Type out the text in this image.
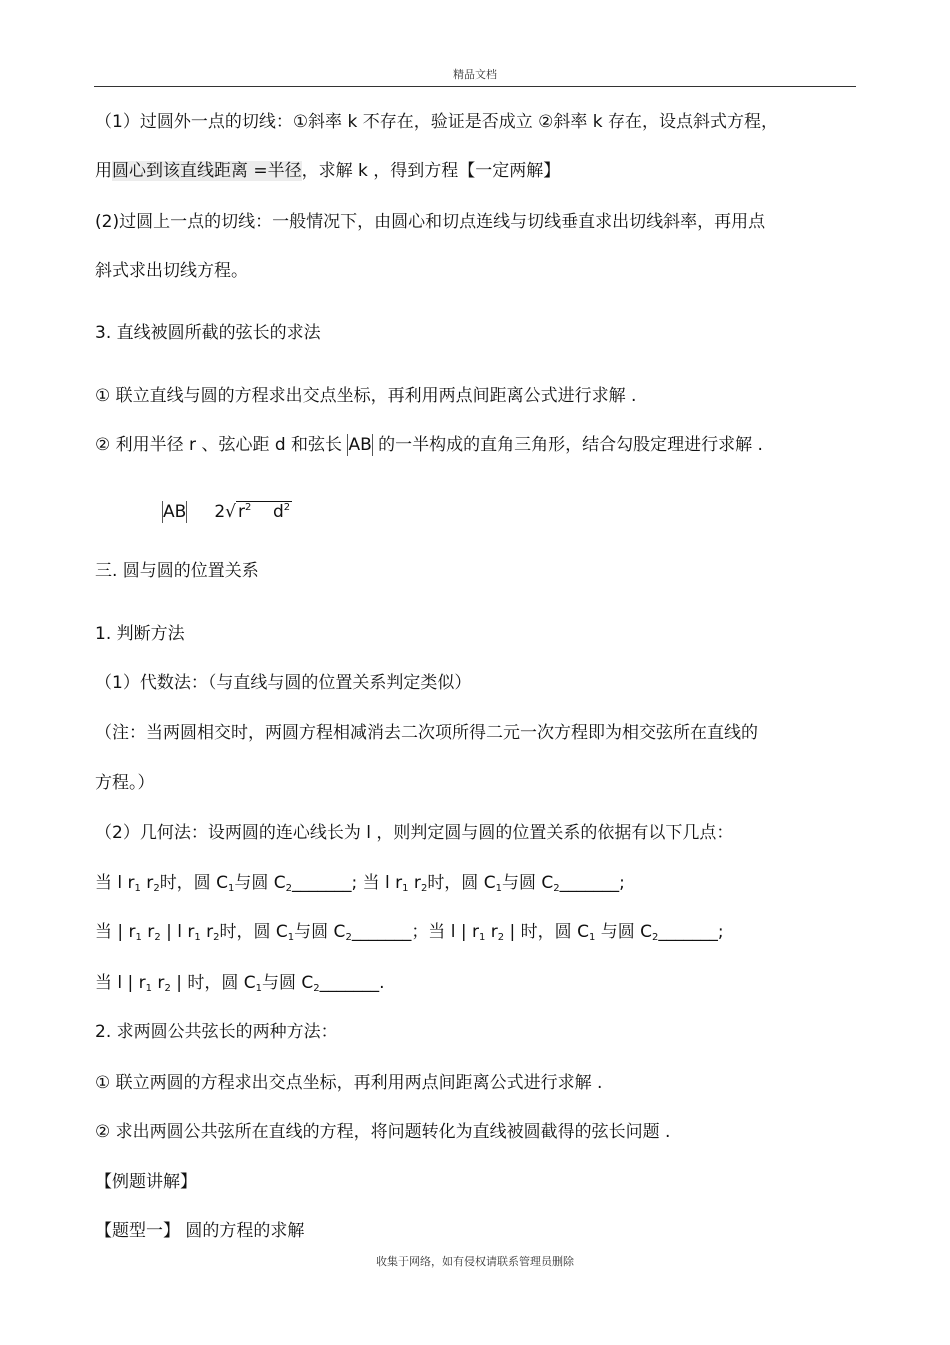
精品文档
（1）过圆外一点的切线：①斜率 k 不存在，验证是否成立 ②斜率 k 存在，设点斜式方程，
用圆心到该直线距离 =半径，求解 k ，得到方程【一定两解】
(2)过圆上一点的切线：一般情况下，由圆心和切点连线与切线垂直求出切线斜率，再用点
斜式求出切线方程。
3. 直线被圆所截的弦长的求法
① 联立直线与圆的方程求出交点坐标，再利用两点间距离公式进行求解 .
② 利用半径 r 、弦心距 d 和弦长 AB 的一半构成的直角三角形，结合勾股定理进行求解 .
AB 2√ $r^2$ $d^2$
三. 圆与圆的位置关系
1. 判断方法
（1）代数法：（与直线与圆的位置关系判定类似）
（注：当两圆相交时，两圆方程相减消去二次项所得二元一次方程即为相交弦所在直线的
方程。）
（2）几何法：设两圆的连心线长为 l ，则判定圆与圆的位置关系的依据有以下几点：
当 l $r_1$ $r_2$时，圆 $C_1$与圆 $C_2\_\_\_\_\_\_\_$; 当 l $r_1$ $r_2$时，圆 $C_1$与圆 $C_2\_\_\_\_\_\_\_$;
当 | $r_1$ $r_2$ | l $r_1$ $r_2$时，圆 $C_1$与圆 $C_2\_\_\_\_\_\_\_$；当 l | $r_1$ $r_2$ | 时，圆 $C_1$ 与圆 $C_2\_\_\_\_\_\_\_$;
当 l | $r_1$ $r_2$ | 时，圆 $C_1$与圆 $C_2\_\_\_\_\_\_\_$.
2. 求两圆公共弦长的两种方法：
① 联立两圆的方程求出交点坐标，再利用两点间距离公式进行求解 .
② 求出两圆公共弦所在直线的方程，将问题转化为直线被圆截得的弦长问题 .
【例题讲解】
【题型一】 圆的方程的求解
收集于网络，如有侵权请联系管理员删除
